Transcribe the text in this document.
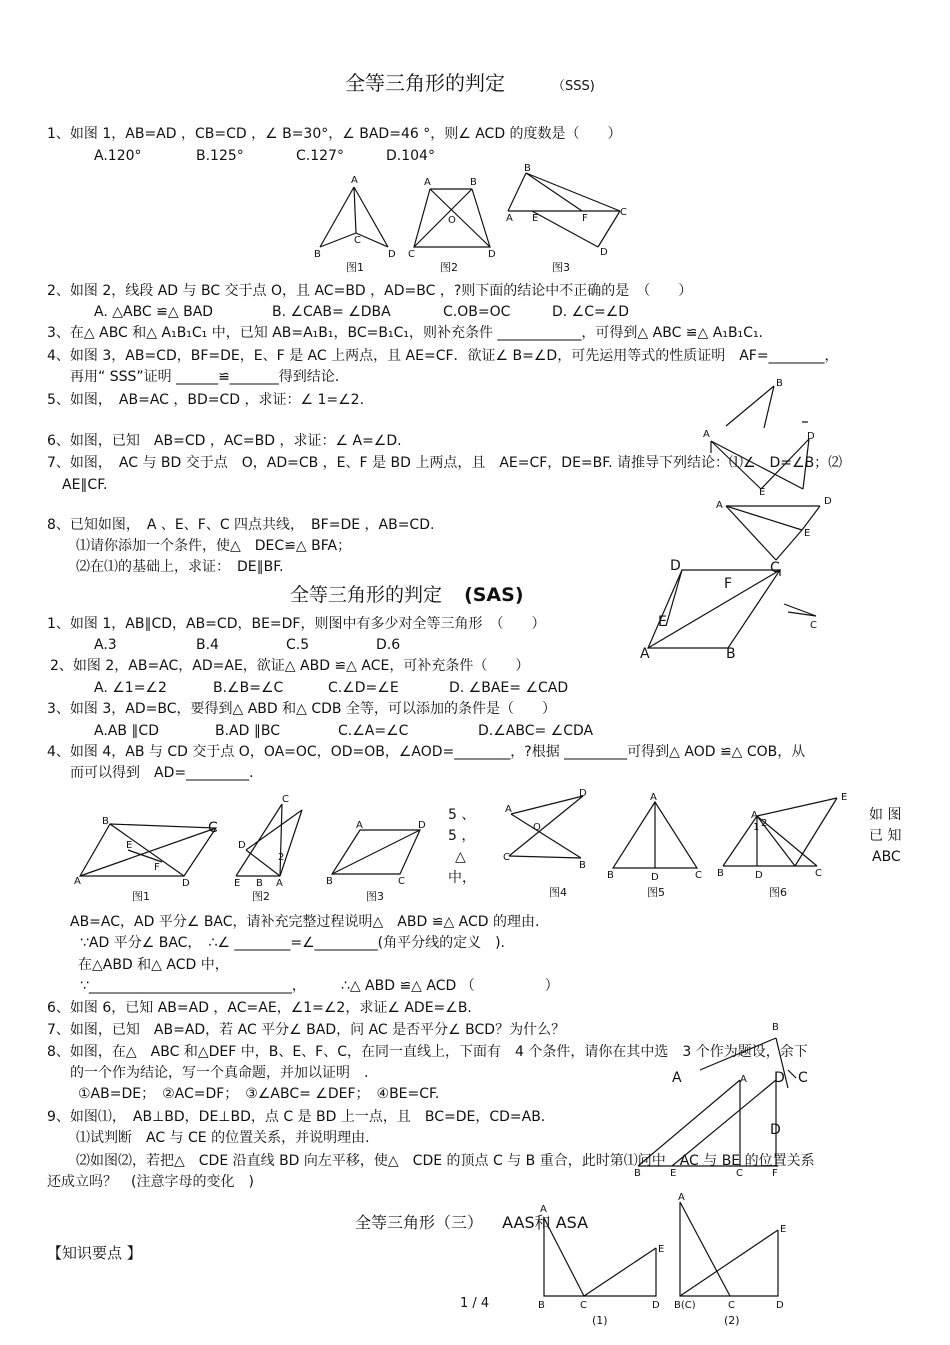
全等三角形的判定	（SSS)
1、如图 1，AB=AD ，CB=CD ，∠ B=30°，∠ BAD=46 °，则∠ ACD 的度数是（　　）
A.120°	B.125°	C.127°	D.104°
A
B
C
D
图1
A	B
O
C	D
图2
B
A E	F
C
D
图3
2、如图 2，线段 AD 与 BC 交于点 O，且 AC=BD ，AD=BC ，?则下面的结论中不正确的是　（　　）
A. △ABC ≌△ BAD	B. ∠CAB= ∠DBA	C.OB=OC	D. ∠C=∠D
3、在△ ABC 和△ A₁B₁C₁ 中，已知 AB=A₁B₁，BC=B₁C₁，则补充条件 ____________，可得到△ ABC ≌△ A₁B₁C₁.
4、如图 3，AB=CD，BF=DE，E、F 是 AC 上两点，且 AE=CF．欲证∠ B=∠D，可先运用等式的性质证明　AF=________，
再用“ SSS”证明 ______≌_______得到结论.
5、如图，　AB=AC ，BD=CD ，求证：∠ 1=∠2.
B
6、如图，已知　AB=CD ，AC=BD ，求证：∠ A=∠D.	A	D
E
7、如图，　AC 与 BD 交于点　O，AD=CB ，E、F 是 BD 上两点，且　AE=CF，DE=BF. 请推导下列结论：⑴∠　D=∠B；⑵
AE∥CF.
A	D
E
8、已知如图，　A 、E、F、C 四点共线，　BF=DE ，AB=CD.
⑴请你添加一个条件，使△　DEC≌△ BFA；
⑵在⑴的基础上，求证：　DE∥BF.	D
F
C
E
A	B
C
全等三角形的判定 (SAS)
1、如图 1，AB∥CD，AB=CD，BE=DF，则图中有多少对全等三角形　（　　）
A.3	B.4	C.5	D.6
2、如图 2，AB=AC，AD=AE，欲证△ ABD ≌△ ACE，可补充条件（　　）
A. ∠1=∠2	B.∠B=∠C	C.∠D=∠E	D. ∠BAE= ∠CAD
3、如图 3，AD=BC，要得到△ ABD 和△ CDB 全等，可以添加的条件是（　　）
A.AB ∥CD	B.AD ∥BC	C.∠A=∠C	D.∠ABC= ∠CDA
4、如图 4，AB 与 CD 交于点 O，OA=OC，OD=OB，∠AOD=________，?根据 _________可得到△ AOD ≌△ COB，从
而可以得到　AD=_________．
B	C
E
F
A	D
图1
C
D
2
E B A
图2
A	D
B	C
图3
5 、
5 ，
△
中，
A
D
O
C
B
图4
A
B	D	C
图5
A
1 2
E
B	D	C
图6
如 图
已 知
ABC
AB=AC，AD 平分∠ BAC，请补充完整过程说明△　ABD ≌△ ACD 的理由.
∵AD 平分∠ BAC，　∴∠ ________=∠_________(角平分线的定义　).
在△ABD 和△ ACD 中，
∵_____________________________，　　　∴△ ABD ≌△ ACD （　　　　　）
6、如图 6，已知 AB=AD ，AC=AE，∠1=∠2，求证∠ ADE=∠B.
7、如图，已知　AB=AD，若 AC 平分∠ BAD，问 AC 是否平分∠ BCD？为什么？	B
C
A
8、如图，在△　ABC 和△DEF 中，B、E、F、C，在同一直线上，下面有　4 个条件，请你在其中选　3 个作为题设，余下
的一个作为结论，写一个真命题，并加以证明　.
①AB=DE；　②AC=DF；　③∠ABC= ∠DEF；　④BE=CF.
A D
D
B	E	C	F
9、如图⑴，　AB⊥BD，DE⊥BD，点 C 是 BD 上一点，且　BC=DE，CD=AB．
⑴试判断　AC 与 CE 的位置关系，并说明理由.
⑵如图⑵，若把△　CDE 沿直线 BD 向左平移，使△　CDE 的顶点 C 与 B 重合，此时第⑴问中　AC 与 BE 的位置关系
还成立吗？　(注意字母的变化　)
全等三角形（三） AAS和 ASA
【知识要点 】
A
E
B	C	D
(1)
A
E
B(C)	C	D
(2)
1 / 4
